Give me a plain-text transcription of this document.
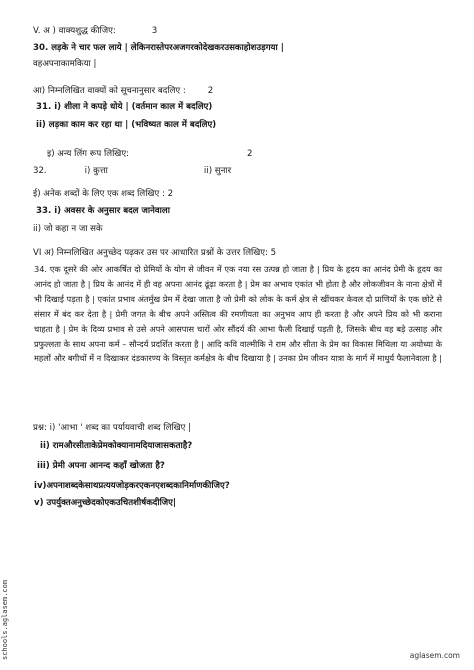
V. अ ) वाक्यशुद्ध कीजिए:	3
30. लड़के ने चार फल लाये | लेकिनरास्तेपरअजगरकोदेखकरउसकाहोशउड़गया |
वहअपनाकामकिया |
आ) निम्नलिखित वाक्यों को सूचनानुसार बदलिए :	2
31. i) शीला ने कपड़े धोये | (वर्तमान काल में बदलिए)
ii) लड़का काम कर रहा था | (भविष्यत काल में बदलिए)
इ) अन्य लिंग रूप लिखिए:	2
32.	i) कुत्ता	ii) सुनार
ई) अनेक शब्दों के लिए एक शब्द लिखिए : 2
33. i) अवसर के अनुसार बदल जानेवाला
ii) जो कहा न जा सके
VI अ) निम्नलिखित अनुच्छेद पढ़कर उस पर आधारित प्रश्नों के उत्तर लिखिए: 5
34. एक दूसरे की ओर आकर्षित दो प्रेमियों के योग से जीवन में एक नया रस उत्पन्न हो जाता है | प्रिय के हृदय का आनंद प्रेमी के हृदय का आनंद हो जाता है | प्रिय के आनंद में ही वह अपना आनंद ढूंढ़ा करता है | प्रेम का अभाव एकांत भी होता है और लोकजीवन के नाना क्षेत्रों में भी दिखाई पड़ता है | एकांत प्रभाव अंतर्मुख प्रेम में देखा जाता है जो प्रेमी को लोक के कर्म क्षेत्र से खींचकर केवल दो प्राणियों के एक छोटे से संसार में बंद कर देता है | प्रेमी जगत के बीच अपने अस्तित्व की रमणीयता का अनुभव आप ही करता है और अपने प्रिय को भी कराना चाहता है | प्रेम के दिव्य प्रभाव से उसे अपने आसपास चारों ओर सौंदर्य की आभा फैली दिखाई पड़ती है, जिसके बीच वह बड़े उत्साह और प्रफुल्लता के साथ अपना कर्म – सौन्दर्य प्रदर्शित करता है | आदि कवि वाल्मीकि ने राम और सीता के प्रेम का विकास मिथिला या अयोध्या के महलों और बगीचों में न दिखाकर दंडकारण्य के विस्तृत कर्मक्षेत्र के बीच दिखाया है | उनका प्रेम जीवन यात्रा के मार्ग में माधुर्य फैलानेवाला है |
प्रश्न: i) 'आभा ' शब्द का पर्यायवाची शब्द लिखिए |
ii) रामऔरसीताकेप्रेमकोक्यानामदियाजासकताहै?
iii) प्रेमी अपना आनन्द कहाँ खोजता है?
iv)अपनाशब्दकेसाथप्रत्ययजोड़करएकनएशब्दकानिर्माणकीजिए?
v) उपर्युक्तअनुच्छेदकोएकउचितशीर्षकदीजिए|
schools.aglasem.com	aglasem.com
